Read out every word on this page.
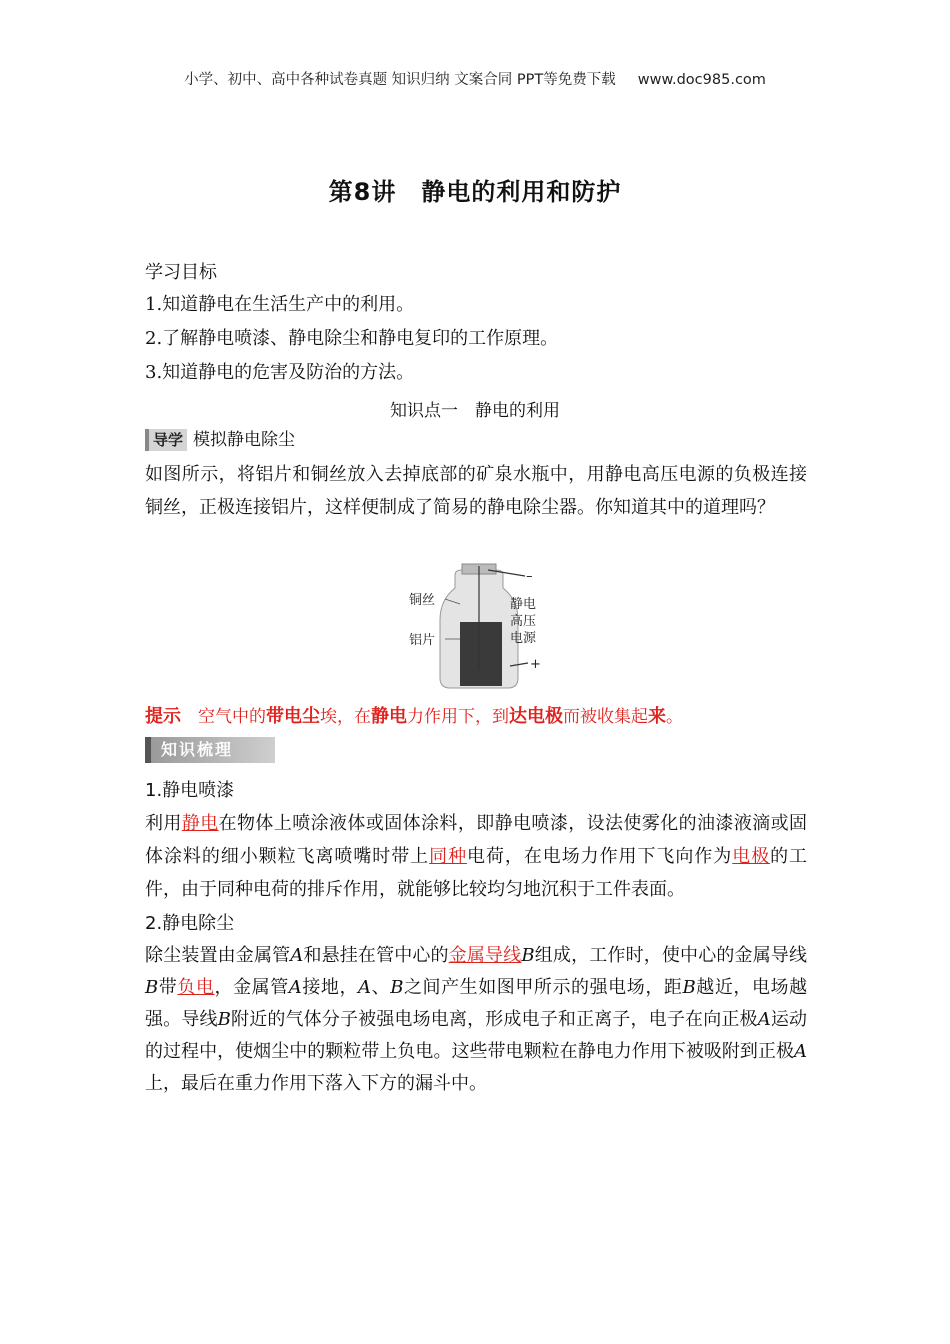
小学、初中、高中各种试卷真题 知识归纳 文案合同 PPT等免费下载 www.doc985.com
第8讲　静电的利用和防护
学习目标
1.知道静电在生活生产中的利用。
2.了解静电喷漆、静电除尘和静电复印的工作原理。
3.知道静电的危害及防治的方法。
知识点一　静电的利用
导学 模拟静电除尘
如图所示，将铝片和铜丝放入去掉底部的矿泉水瓶中，用静电高压电源的负极连接铜丝，正极连接铝片，这样便制成了简易的静电除尘器。你知道其中的道理吗？
铜丝
铝片
静电
高压
电源
–
+
提示　 空气中的带电尘埃，在静电力作用下，到达电极而被收集起来。
知识梳理
1.静电喷漆
利用静电在物体上喷涂液体或固体涂料，即静电喷漆，设法使雾化的油漆液滴或固体涂料的细小颗粒飞离喷嘴时带上同种电荷，在电场力作用下飞向作为电极的工件，由于同种电荷的排斥作用，就能够比较均匀地沉积于工件表面。
2.静电除尘
除尘装置由金属管A和悬挂在管中心的金属导线B组成，工作时，使中心的金属导线B带负电，金属管A接地，A、B之间产生如图甲所示的强电场，距B越近，电场越强。导线B附近的气体分子被强电场电离，形成电子和正离子，电子在向正极A运动的过程中，使烟尘中的颗粒带上负电。这些带电颗粒在静电力作用下被吸附到正极A上，最后在重力作用下落入下方的漏斗中。
